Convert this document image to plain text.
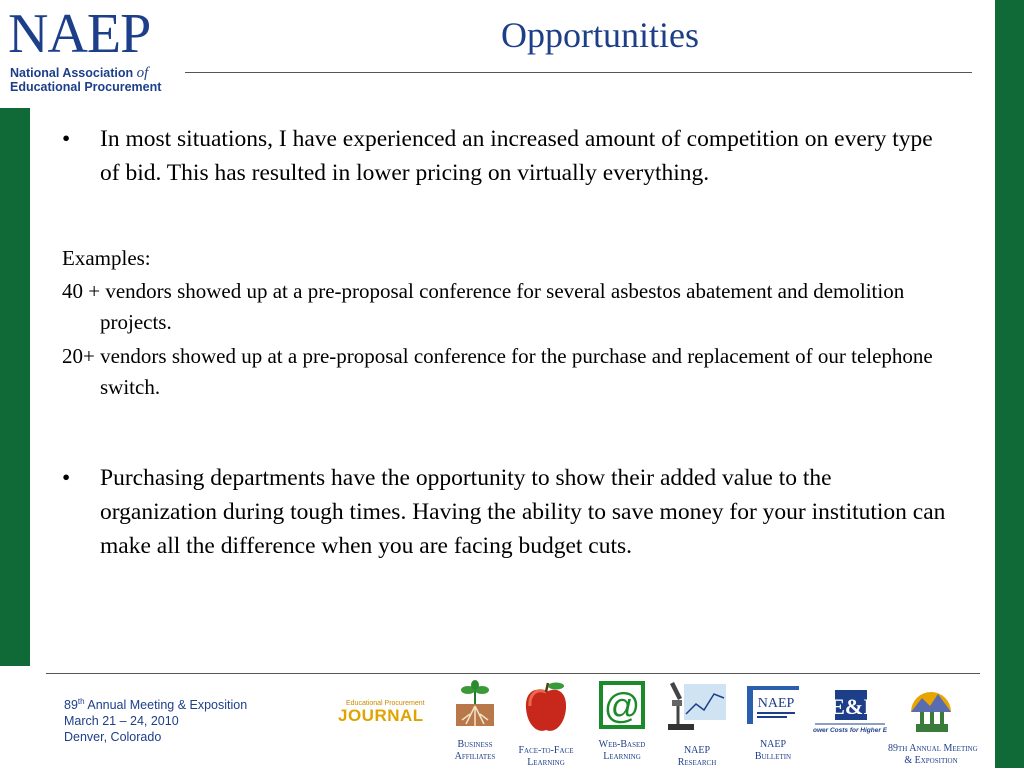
NAEP
National Association of
Educational Procurement
Opportunities
• In most situations, I have experienced an increased amount of competition on every type of bid. This has resulted in lower pricing on virtually everything.
Examples:
40 + vendors showed up at a pre-proposal conference for several asbestos abatement and demolition projects.
20+ vendors showed up at a pre-proposal conference for the purchase and replacement of our telephone switch.
• Purchasing departments have the opportunity to show their added value to the organization during tough times. Having the ability to save money for your institution can make all the difference when you are facing budget cuts.
89th Annual Meeting & Exposition
March 21 – 24, 2010
Denver, Colorado
Educational Procurement
JOURNAL
Business
Affiliates
Face-to-Face
Learning
@
Web-Based
Learning
NAEP
Research
NAEP
NAEP
Bulletin
E&I
Lower Costs for Higher Ed
89th Annual Meeting
& Exposition
